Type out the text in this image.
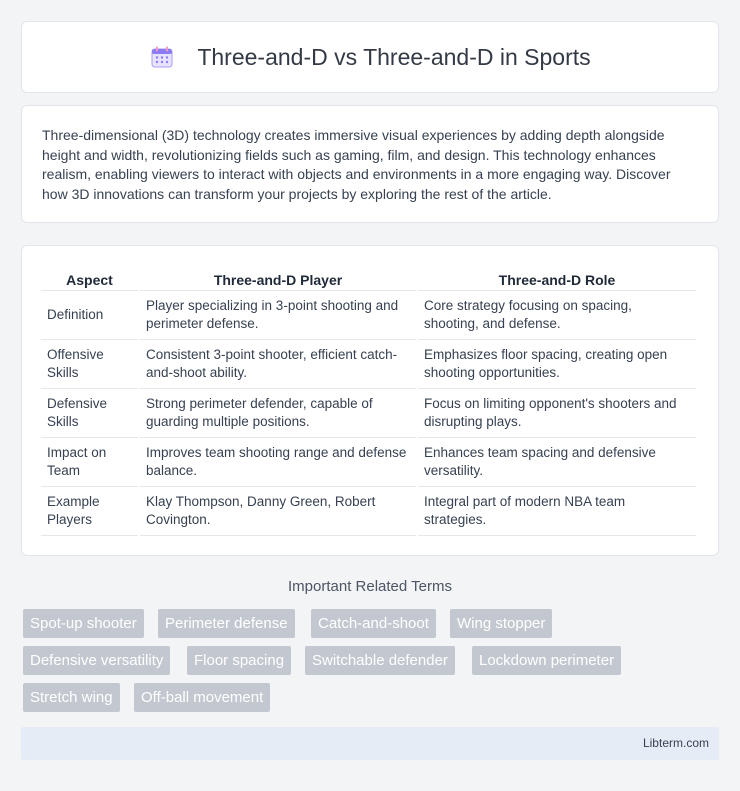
Three-and-D vs Three-and-D in Sports

Three-dimensional (3D) technology creates immersive visual experiences by adding depth alongside height and width, revolutionizing fields such as gaming, film, and design. This technology enhances realism, enabling viewers to interact with objects and environments in a more engaging way. Discover how 3D innovations can transform your projects by exploring the rest of the article.

Aspect	Three-and-D Player	Three-and-D Role
Definition	Player specializing in 3-point shooting and perimeter defense.	Core strategy focusing on spacing, shooting, and defense.
Offensive Skills	Consistent 3-point shooter, efficient catch-and-shoot ability.	Emphasizes floor spacing, creating open shooting opportunities.
Defensive Skills	Strong perimeter defender, capable of guarding multiple positions.	Focus on limiting opponent's shooters and disrupting plays.
Impact on Team	Improves team shooting range and defense balance.	Enhances team spacing and defensive versatility.
Example Players	Klay Thompson, Danny Green, Robert Covington.	Integral part of modern NBA team strategies.
Important Related Terms
Spot-up shooter	Perimeter defense	Catch-and-shoot	Wing stopper
Defensive versatility	Floor spacing	Switchable defender	Lockdown perimeter
Stretch wing	Off-ball movement
Libterm.com
